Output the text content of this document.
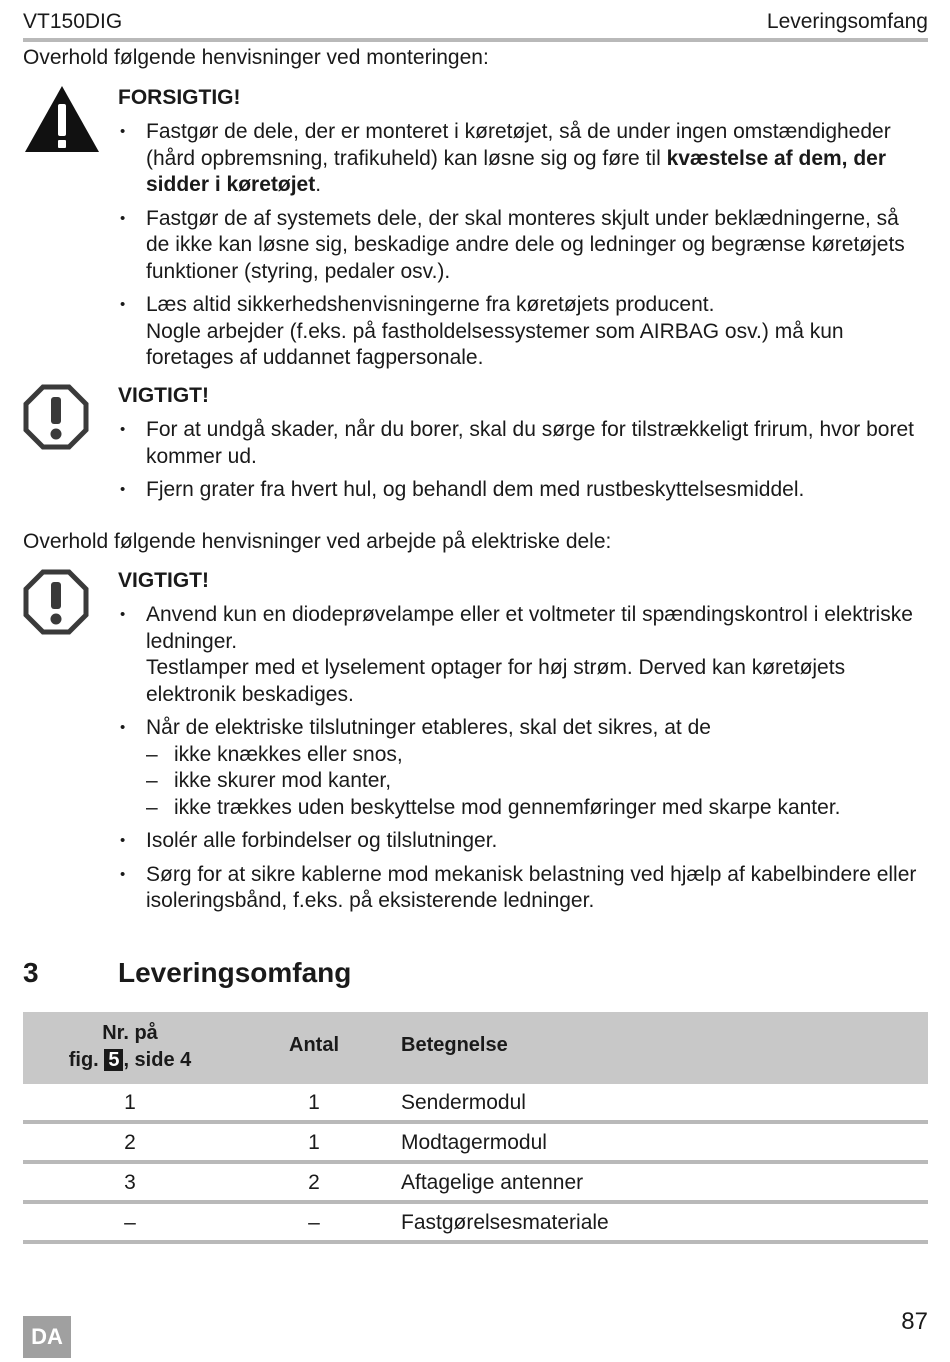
VT150DIG	Leveringsomfang
Overhold følgende henvisninger ved monteringen:
FORSIGTIG!
• Fastgør de dele, der er monteret i køretøjet, så de under ingen omstændigheder (hård opbremsning, trafikuheld) kan løsne sig og føre til kvæstelse af dem, der sidder i køretøjet.
• Fastgør de af systemets dele, der skal monteres skjult under beklædningerne, så de ikke kan løsne sig, beskadige andre dele og ledninger og begrænse køretøjets funktioner (styring, pedaler osv.).
• Læs altid sikkerhedshenvisningerne fra køretøjets producent.
Nogle arbejder (f.eks. på fastholdelsessystemer som AIRBAG osv.) må kun foretages af uddannet fagpersonale.
VIGTIGT!
• For at undgå skader, når du borer, skal du sørge for tilstrækkeligt frirum, hvor boret kommer ud.
• Fjern grater fra hvert hul, og behandl dem med rustbeskyttelsesmiddel.
Overhold følgende henvisninger ved arbejde på elektriske dele:
VIGTIGT!
• Anvend kun en diodeprøvelampe eller et voltmeter til spændingskontrol i elektriske ledninger.
Testlamper med et lyselement optager for høj strøm. Derved kan køretøjets elektronik beskadiges.
• Når de elektriske tilslutninger etableres, skal det sikres, at de
– ikke knækkes eller snos,
– ikke skurer mod kanter,
– ikke trækkes uden beskyttelse mod gennemføringer med skarpe kanter.
• Isolér alle forbindelser og tilslutninger.
• Sørg for at sikre kablerne mod mekanisk belastning ved hjælp af kabelbindere eller isoleringsbånd, f.eks. på eksisterende ledninger.
3	Leveringsomfang
Nr. på
fig. 5 , side 4
Antal	Betegnelse
1	1	Sendermodul
2	1	Modtagermodul
3	2	Aftagelige antenner
–	–	Fastgørelsesmateriale
DA
87
